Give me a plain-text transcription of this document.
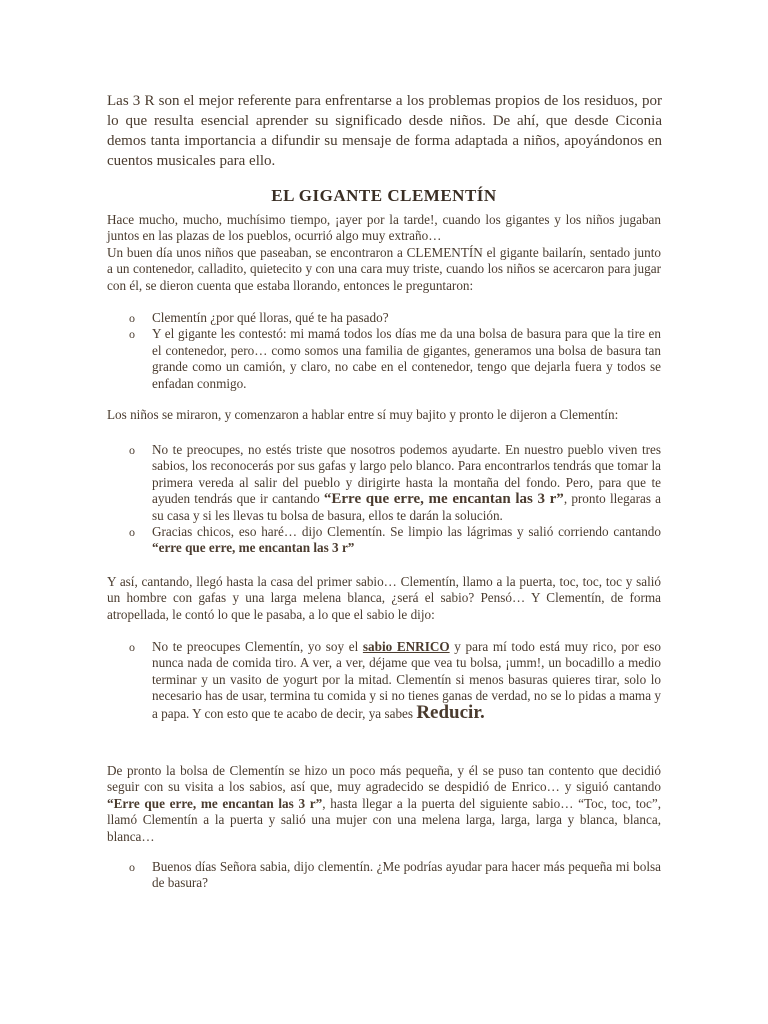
Las 3 R son el mejor referente para enfrentarse a los problemas propios de los residuos, por lo que resulta esencial aprender su significado desde niños. De ahí, que desde Ciconia demos tanta importancia a difundir su mensaje de forma adaptada a niños, apoyándonos en cuentos musicales para ello.

EL GIGANTE CLEMENTÍN

Hace mucho, mucho, muchísimo tiempo, ¡ayer por la tarde!, cuando los gigantes y los niños jugaban juntos en las plazas de los pueblos, ocurrió algo muy extraño…

Un buen día unos niños que paseaban, se encontraron a CLEMENTÍN el gigante bailarín, sentado junto a un contenedor, calladito, quietecito y con una cara muy triste, cuando los niños se acercaron para jugar con él, se dieron cuenta que estaba llorando, entonces le preguntaron:

o Clementín ¿por qué lloras, qué te ha pasado?
o Y el gigante les contestó: mi mamá todos los días me da una bolsa de basura para que la tire en el contenedor, pero… como somos una familia de gigantes, generamos una bolsa de basura tan grande como un camión, y claro, no cabe en el contenedor, tengo que dejarla fuera y todos se enfadan conmigo.

Los niños se miraron, y comenzaron a hablar entre sí muy bajito y pronto le dijeron a Clementín:

o No te preocupes, no estés triste que nosotros podemos ayudarte. En nuestro pueblo viven tres sabios, los reconocerás por sus gafas y largo pelo blanco. Para encontrarlos tendrás que tomar la primera vereda al salir del pueblo y dirigirte hasta la montaña del fondo. Pero, para que te ayuden tendrás que ir cantando “Erre que erre, me encantan las 3 r”, pronto llegaras a su casa y si les llevas tu bolsa de basura, ellos te darán la solución.
o Gracias chicos, eso haré… dijo Clementín. Se limpio las lágrimas y salió corriendo cantando “erre que erre, me encantan las 3 r”

Y así, cantando, llegó hasta la casa del primer sabio… Clementín, llamo a la puerta, toc, toc, toc y salió un hombre con gafas y una larga melena blanca, ¿será el sabio? Pensó… Y Clementín, de forma atropellada, le contó lo que le pasaba, a lo que el sabio le dijo:

o No te preocupes Clementín, yo soy el sabio ENRICO y para mí todo está muy rico, por eso nunca nada de comida tiro. A ver, a ver, déjame que vea tu bolsa, ¡umm!, un bocadillo a medio terminar y un vasito de yogurt por la mitad. Clementín si menos basuras quieres tirar, solo lo necesario has de usar, termina tu comida y si no tienes ganas de verdad, no se lo pidas a mama y a papa. Y con esto que te acabo de decir, ya sabes Reducir.

De pronto la bolsa de Clementín se hizo un poco más pequeña, y él se puso tan contento que decidió seguir con su visita a los sabios, así que, muy agradecido se despidió de Enrico… y siguió cantando “Erre que erre, me encantan las 3 r”, hasta llegar a la puerta del siguiente sabio… “Toc, toc, toc”, llamó Clementín a la puerta y salió una mujer con una melena larga, larga, larga y blanca, blanca, blanca…

o Buenos días Señora sabia, dijo clementín. ¿Me podrías ayudar para hacer más pequeña mi bolsa de basura?
